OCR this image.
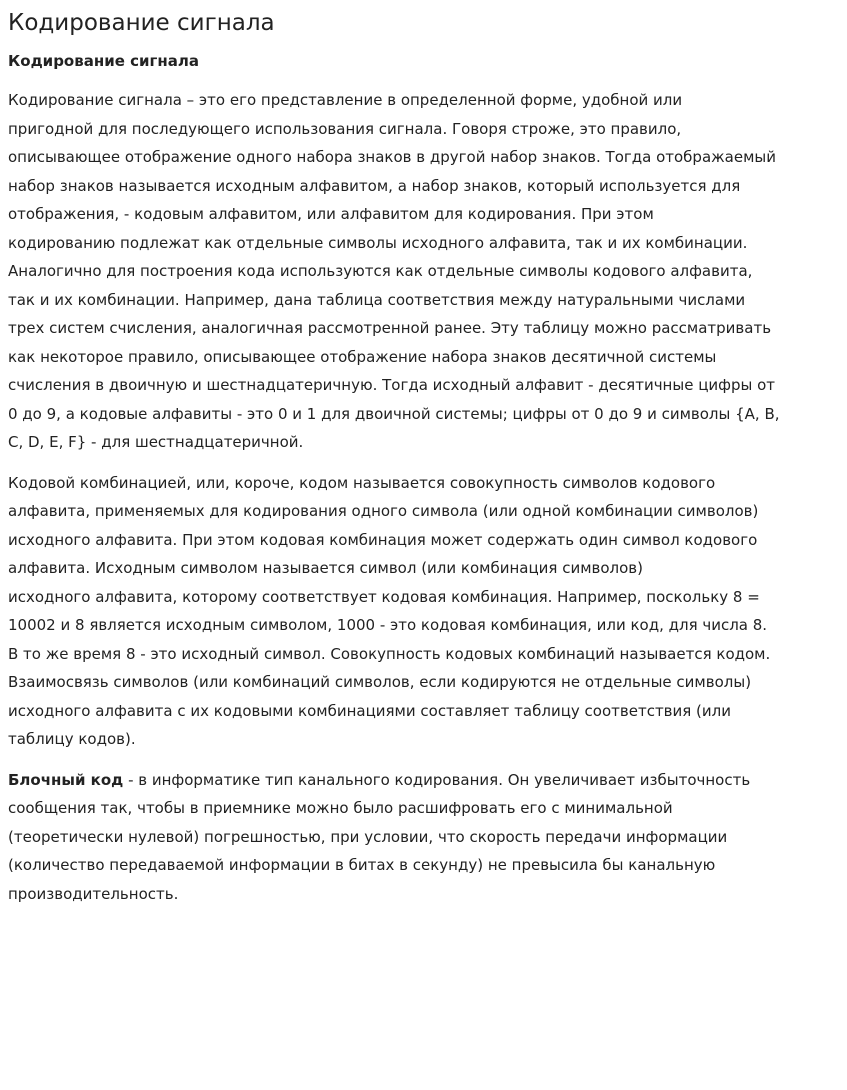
Кодирование сигнала
Кодирование сигнала

Кодирование сигнала – это его представление в определенной форме, удобной или
пригодной для последующего использования сигнала. Говоря строже, это правило,
описывающее отображение одного набора знаков в другой набор знаков. Тогда отображаемый
набор знаков называется исходным алфавитом, а набор знаков, который используется для
отображения, - кодовым алфавитом, или алфавитом для кодирования. При этом
кодированию подлежат как отдельные символы исходного алфавита, так и их комбинации.
Аналогично для построения кода используются как отдельные символы кодового алфавита,
так и их комбинации. Например, дана таблица соответствия между натуральными числами
трех систем счисления, аналогичная рассмотренной ранее. Эту таблицу можно рассматривать
как некоторое правило, описывающее отображение набора знаков десятичной системы
счисления в двоичную и шестнадцатеричную. Тогда исходный алфавит - десятичные цифры от
0 до 9, а кодовые алфавиты - это 0 и 1 для двоичной системы; цифры от 0 до 9 и символы {A, B,
C, D, E, F} - для шестнадцатеричной.

Кодовой комбинацией, или, короче, кодом называется совокупность символов кодового
алфавита, применяемых для кодирования одного символа (или одной комбинации символов)
исходного алфавита. При этом кодовая комбинация может содержать один символ кодового
алфавита. Исходным символом называется символ (или комбинация символов)
исходного алфавита, которому соответствует кодовая комбинация. Например, поскольку 8 =
10002 и 8 является исходным символом, 1000 - это кодовая комбинация, или код, для числа 8.
В то же время 8 - это исходный символ. Совокупность кодовых комбинаций называется кодом.
Взаимосвязь символов (или комбинаций символов, если кодируются не отдельные символы)
исходного алфавита с их кодовыми комбинациями составляет таблицу соответствия (или
таблицу кодов).

Блочный код - в информатике тип канального кодирования. Он увеличивает избыточность
сообщения так, чтобы в приемнике можно было расшифровать его с минимальной
(теоретически нулевой) погрешностью, при условии, что скорость передачи информации
(количество передаваемой информации в битах в секунду) не превысила бы канальную
производительность.
